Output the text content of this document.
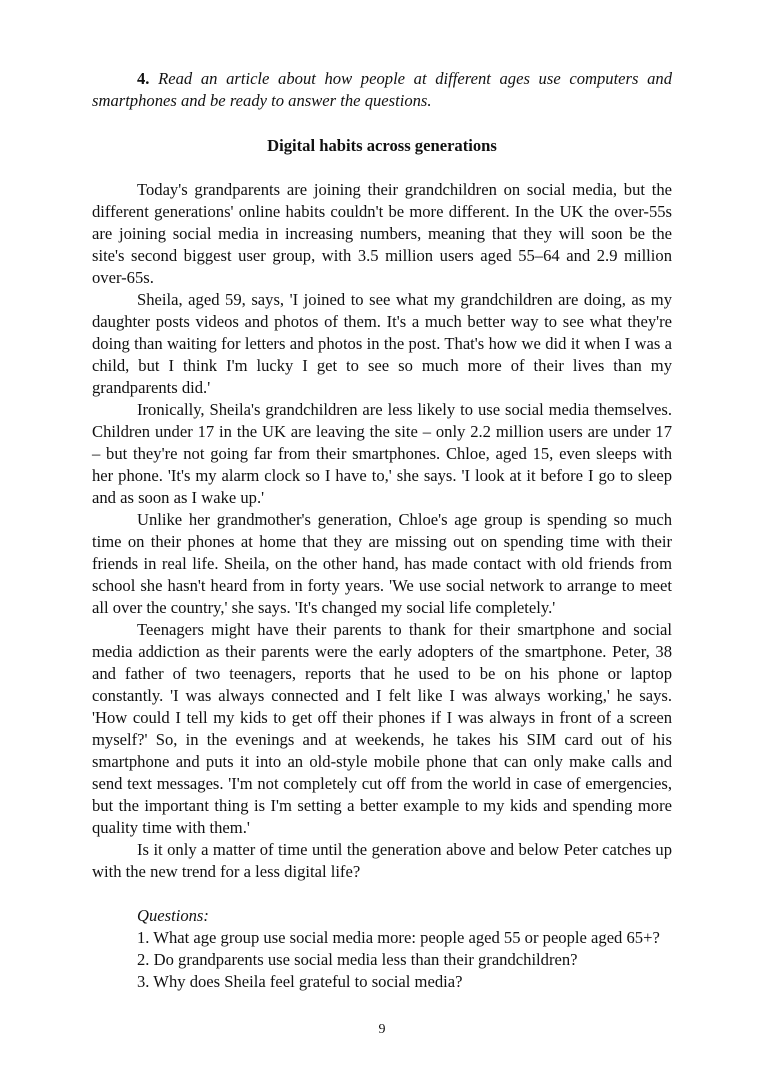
4. Read an article about how people at different ages use computers and smartphones and be ready to answer the questions.

Digital habits across generations

Today's grandparents are joining their grandchildren on social media, but the different generations' online habits couldn't be more different. In the UK the over-55s are joining social media in increasing numbers, meaning that they will soon be the site's second biggest user group, with 3.5 million users aged 55–64 and 2.9 million over-65s.

Sheila, aged 59, says, 'I joined to see what my grandchildren are doing, as my daughter posts videos and photos of them. It's a much better way to see what they're doing than waiting for letters and photos in the post. That's how we did it when I was a child, but I think I'm lucky I get to see so much more of their lives than my grandparents did.'

Ironically, Sheila's grandchildren are less likely to use social media themselves. Children under 17 in the UK are leaving the site – only 2.2 million users are under 17 – but they're not going far from their smartphones. Chloe, aged 15, even sleeps with her phone. 'It's my alarm clock so I have to,' she says. 'I look at it before I go to sleep and as soon as I wake up.'

Unlike her grandmother's generation, Chloe's age group is spending so much time on their phones at home that they are missing out on spending time with their friends in real life. Sheila, on the other hand, has made contact with old friends from school she hasn't heard from in forty years. 'We use social network to arrange to meet all over the country,' she says. 'It's changed my social life completely.'

Teenagers might have their parents to thank for their smartphone and social media addiction as their parents were the early adopters of the smartphone. Peter, 38 and father of two teenagers, reports that he used to be on his phone or laptop constantly. 'I was always connected and I felt like I was always working,' he says. 'How could I tell my kids to get off their phones if I was always in front of a screen myself?' So, in the evenings and at weekends, he takes his SIM card out of his smartphone and puts it into an old-style mobile phone that can only make calls and send text messages. 'I'm not completely cut off from the world in case of emergencies, but the important thing is I'm setting a better example to my kids and spending more quality time with them.'

Is it only a matter of time until the generation above and below Peter catches up with the new trend for a less digital life?

Questions:

1. What age group use social media more: people aged 55 or people aged 65+?

2. Do grandparents use social media less than their grandchildren?

3. Why does Sheila feel grateful to social media?

9
